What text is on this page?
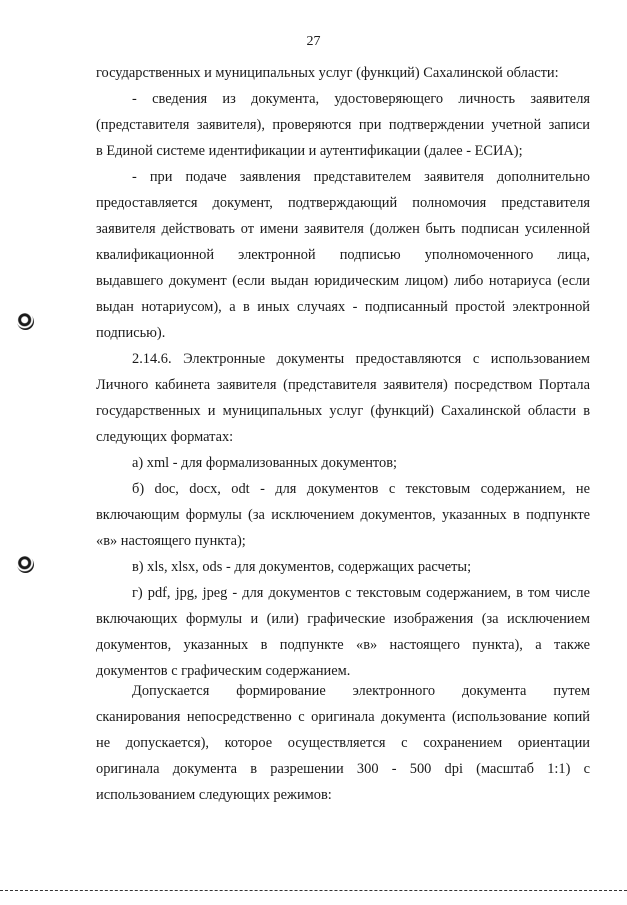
27
государственных и муниципальных услуг (функций) Сахалинской области:
- сведения из документа, удостоверяющего личность заявителя
(представителя заявителя), проверяются при подтверждении учетной записи
в Единой системе идентификации и аутентификации (далее - ЕСИА);
- при подаче заявления представителем заявителя дополнительно
предоставляется документ, подтверждающий полномочия представителя
заявителя действовать от имени заявителя (должен быть подписан усиленной
квалификационной электронной подписью уполномоченного лица,
выдавшего документ (если выдан юридическим лицом) либо нотариуса (если
выдан нотариусом), а в иных случаях - подписанный простой электронной
подписью).
2.14.6. Электронные документы предоставляются с использованием
Личного кабинета заявителя (представителя заявителя) посредством Портала
государственных и муниципальных услуг (функций) Сахалинской области в
следующих форматах:
а) xml - для формализованных документов;
б) doc, docx, odt - для документов с текстовым содержанием, не
включающим формулы (за исключением документов, указанных в подпункте
«в» настоящего пункта);
в) xls, xlsx, ods - для документов, содержащих расчеты;
г) pdf, jpg, jpeg - для документов с текстовым содержанием, в том числе
включающих формулы и (или) графические изображения (за исключением
документов, указанных в подпункте «в» настоящего пункта), а также
документов с графическим содержанием.
Допускается формирование электронного документа путем
сканирования непосредственно с оригинала документа (использование копий
не допускается), которое осуществляется с сохранением ориентации
оригинала документа в разрешении 300 - 500 dpi (масштаб 1:1) с
использованием следующих режимов:
